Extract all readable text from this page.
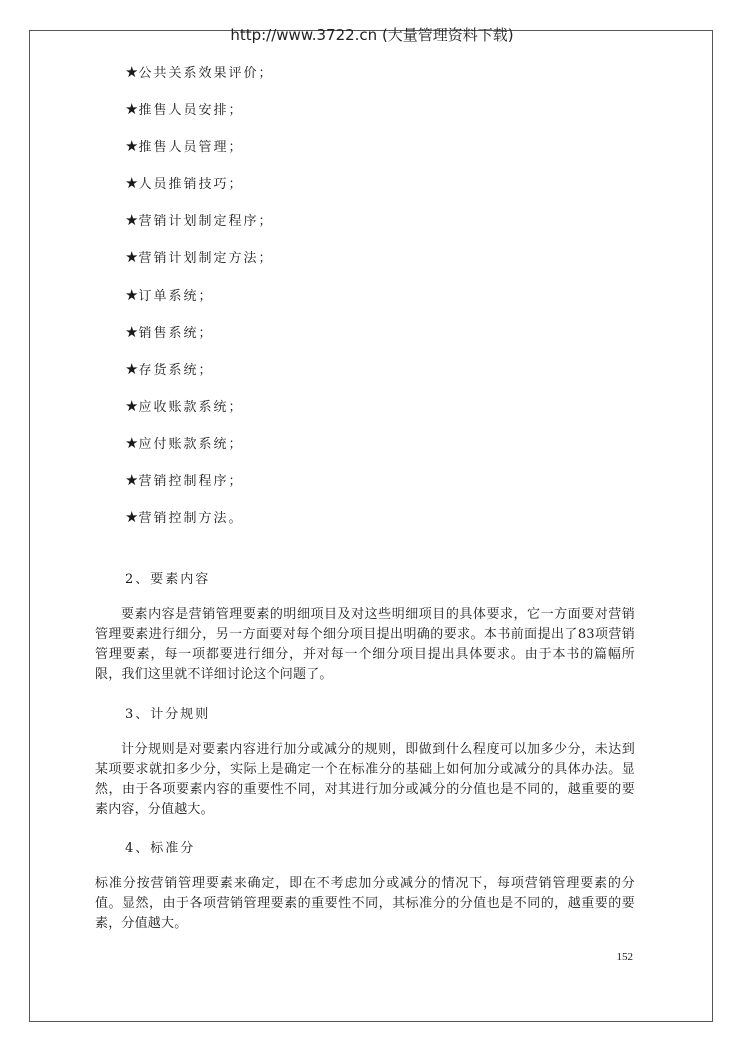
http://www.3722.cn (大量管理资料下载)
★公共关系效果评价；
★推售人员安排；
★推售人员管理；
★人员推销技巧；
★营销计划制定程序；
★营销计划制定方法；
★订单系统；
★销售系统；
★存货系统；
★应收账款系统；
★应付账款系统；
★营销控制程序；
★营销控制方法。
2、要素内容
要素内容是营销管理要素的明细项目及对这些明细项目的具体要求，它一方面要对营销管理要素进行细分，另一方面要对每个细分项目提出明确的要求。本书前面提出了83项营销管理要素，每一项都要进行细分，并对每一个细分项目提出具体要求。由于本书的篇幅所限，我们这里就不详细讨论这个问题了。
3、计分规则
计分规则是对要素内容进行加分或减分的规则，即做到什么程度可以加多少分，未达到某项要求就扣多少分，实际上是确定一个在标准分的基础上如何加分或减分的具体办法。显然，由于各项要素内容的重要性不同，对其进行加分或减分的分值也是不同的，越重要的要素内容，分值越大。
4、标准分
标准分按营销管理要素来确定，即在不考虑加分或减分的情况下，每项营销管理要素的分值。显然，由于各项营销管理要素的重要性不同，其标准分的分值也是不同的，越重要的要素，分值越大。
152
